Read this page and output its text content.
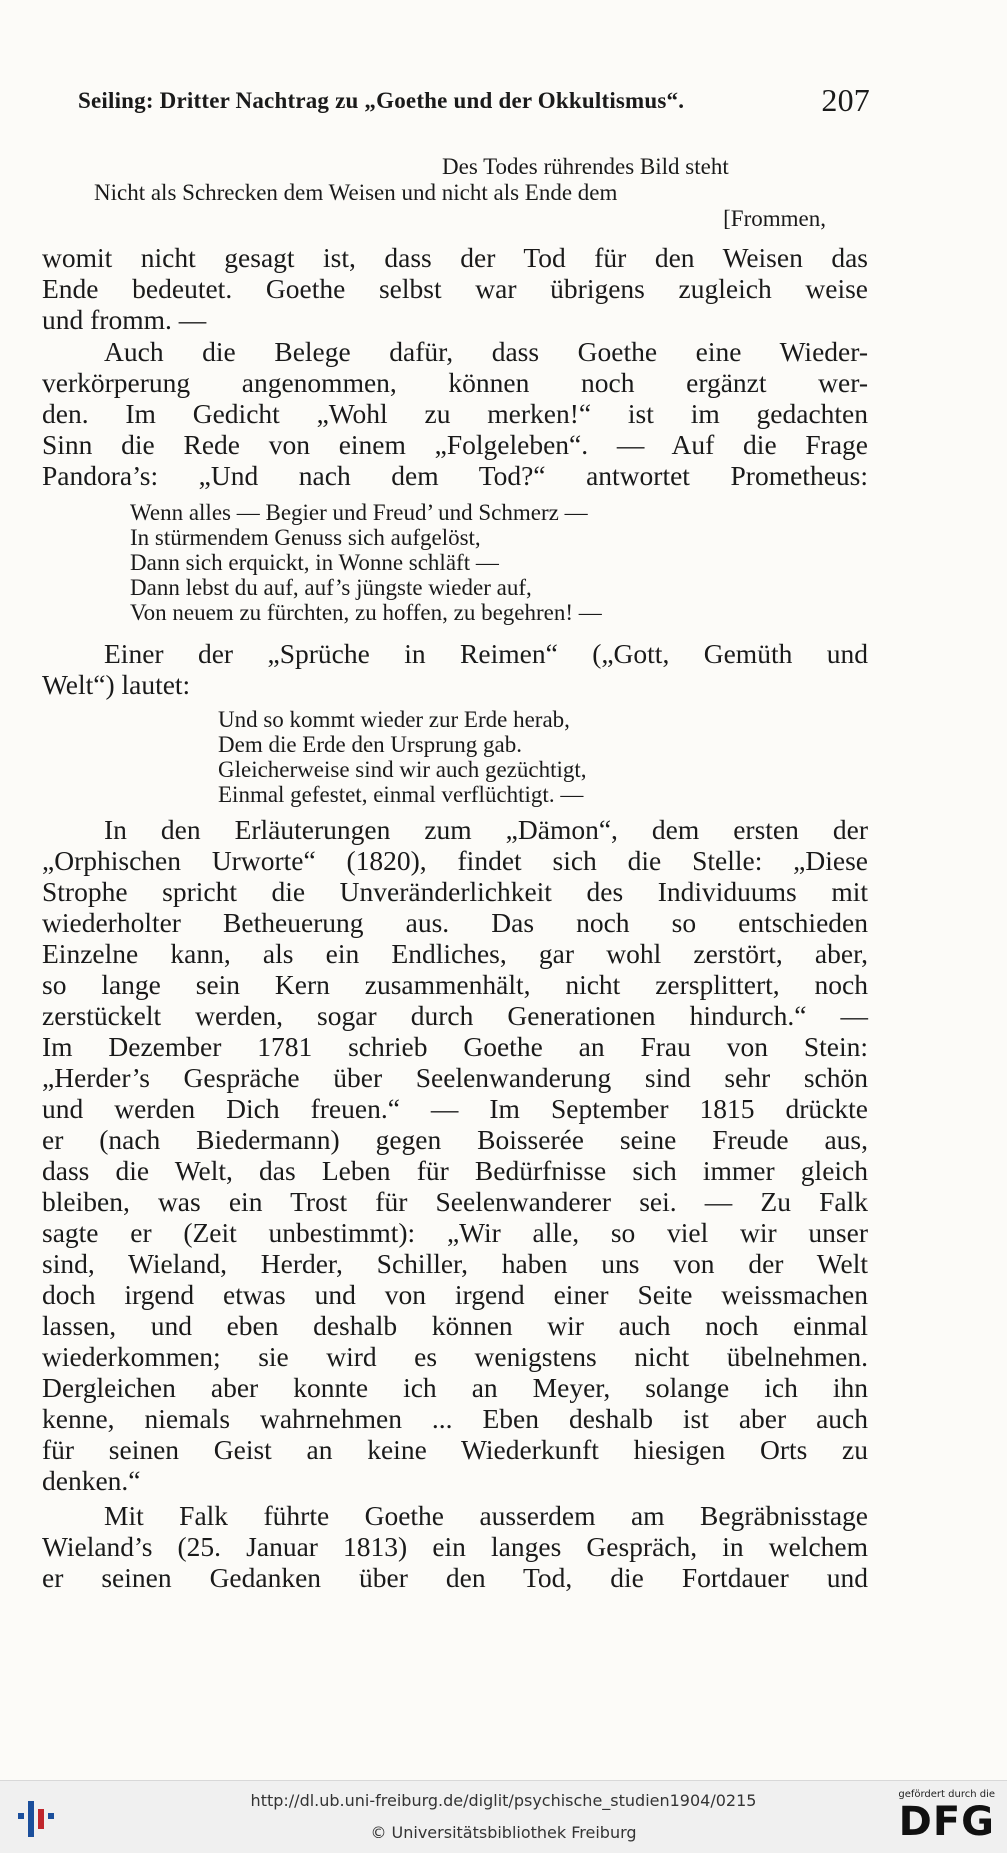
Seiling: Dritter Nachtrag zu „Goethe und der Okkultismus“.	207
Des Todes rührendes Bild steht
Nicht als Schrecken dem Weisen und nicht als Ende dem
[Frommen,
womit nicht gesagt ist, dass der Tod für den Weisen das
Ende bedeutet. Goethe selbst war übrigens zugleich weise
und fromm. —
Auch die Belege dafür, dass Goethe eine Wieder-
verkörperung angenommen, können noch ergänzt wer-
den. Im Gedicht „Wohl zu merken!“ ist im gedachten
Sinn die Rede von einem „Folgeleben“. — Auf die Frage
Pandora’s: „Und nach dem Tod?“ antwortet Prometheus:
Wenn alles — Begier und Freud’ und Schmerz —
In stürmendem Genuss sich aufgelöst,
Dann sich erquickt, in Wonne schläft —
Dann lebst du auf, auf’s jüngste wieder auf,
Von neuem zu fürchten, zu hoffen, zu begehren! —
Einer der „Sprüche in Reimen“ („Gott, Gemüth und
Welt“) lautet:
Und so kommt wieder zur Erde herab,
Dem die Erde den Ursprung gab.
Gleicherweise sind wir auch gezüchtigt,
Einmal gefestet, einmal verflüchtigt. —
In den Erläuterungen zum „Dämon“, dem ersten der
„Orphischen Urworte“ (1820), findet sich die Stelle: „Diese
Strophe spricht die Unveränderlichkeit des Individuums mit
wiederholter Betheuerung aus. Das noch so entschieden
Einzelne kann, als ein Endliches, gar wohl zerstört, aber,
so lange sein Kern zusammenhält, nicht zersplittert, noch
zerstückelt werden, sogar durch Generationen hindurch.“ —
Im Dezember 1781 schrieb Goethe an Frau von Stein:
„Herder’s Gespräche über Seelenwanderung sind sehr schön
und werden Dich freuen.“ — Im September 1815 drückte
er (nach Biedermann) gegen Boisserée seine Freude aus,
dass die Welt, das Leben für Bedürfnisse sich immer gleich
bleiben, was ein Trost für Seelenwanderer sei. — Zu Falk
sagte er (Zeit unbestimmt): „Wir alle, so viel wir unser
sind, Wieland, Herder, Schiller, haben uns von der Welt
doch irgend etwas und von irgend einer Seite weissmachen
lassen, und eben deshalb können wir auch noch einmal
wiederkommen; sie wird es wenigstens nicht übelnehmen.
Dergleichen aber konnte ich an Meyer, solange ich ihn
kenne, niemals wahrnehmen ... Eben deshalb ist aber auch
für seinen Geist an keine Wiederkunft hiesigen Orts zu
denken.“
Mit Falk führte Goethe ausserdem am Begräbnisstage
Wieland’s (25. Januar 1813) ein langes Gespräch, in welchem
er seinen Gedanken über den Tod, die Fortdauer und
http://dl.ub.uni-freiburg.de/diglit/psychische_studien1904/0215
© Universitätsbibliothek Freiburg
gefördert durch die
DFG
